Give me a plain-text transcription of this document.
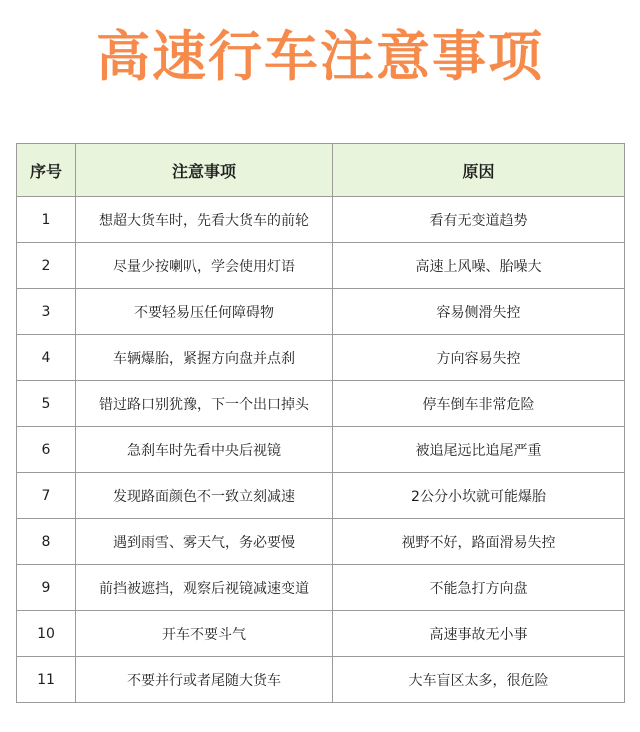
高速行车注意事项
序号	注意事项	原因
1	想超大货车时，先看大货车的前轮	看有无变道趋势
2	尽量少按喇叭，学会使用灯语	高速上风噪、胎噪大
3	不要轻易压任何障碍物	容易侧滑失控
4	车辆爆胎，紧握方向盘并点刹	方向容易失控
5	错过路口别犹豫，下一个出口掉头	停车倒车非常危险
6	急刹车时先看中央后视镜	被追尾远比追尾严重
7	发现路面颜色不一致立刻减速	2公分小坎就可能爆胎
8	遇到雨雪、雾天气，务必要慢	视野不好，路面滑易失控
9	前挡被遮挡，观察后视镜减速变道	不能急打方向盘
10	开车不要斗气	高速事故无小事
11	不要并行或者尾随大货车	大车盲区太多，很危险
